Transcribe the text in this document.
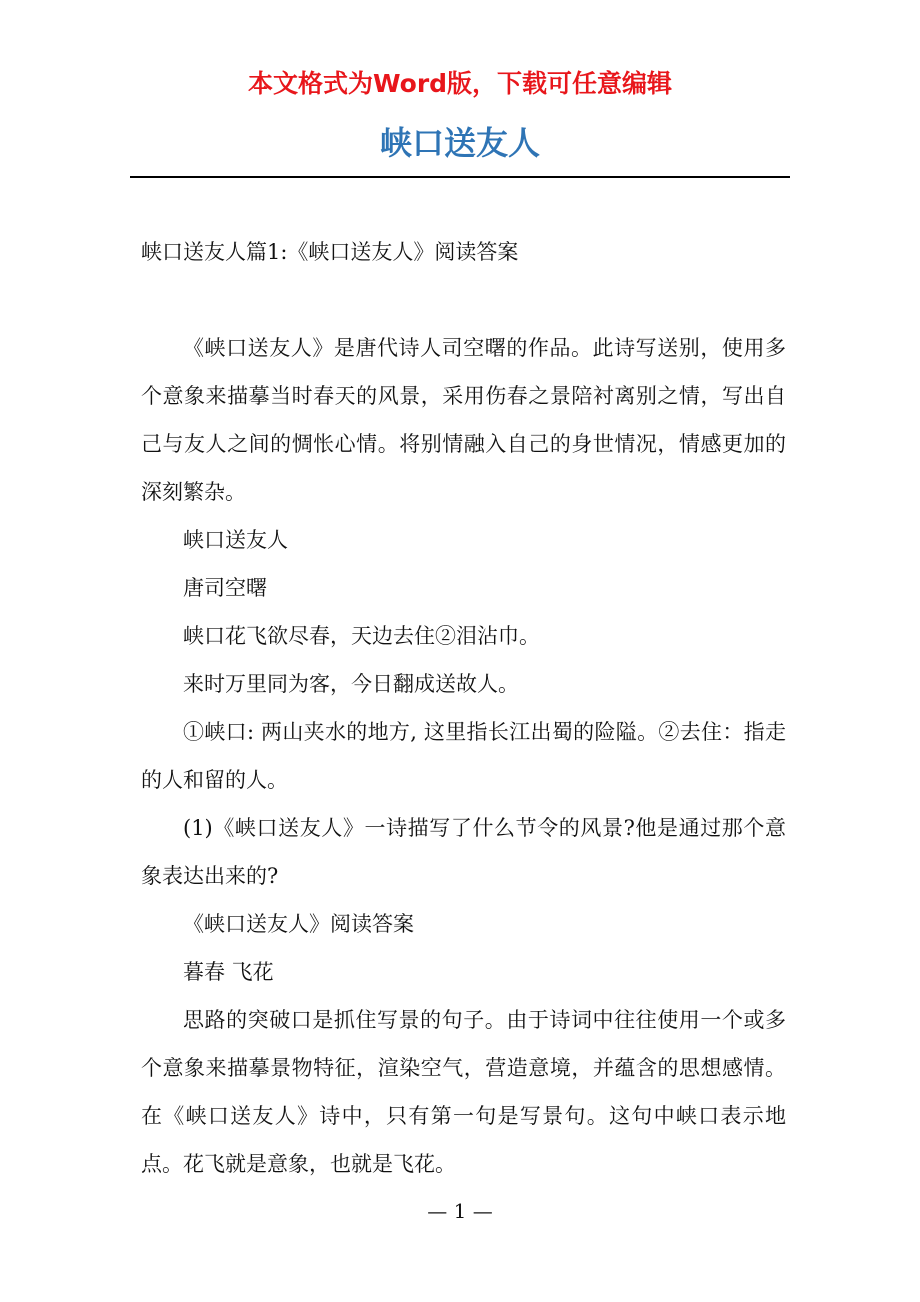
本文格式为Word版，下载可任意编辑
峡口送友人

峡口送友人篇1:《峡口送友人》阅读答案

《峡口送友人》是唐代诗人司空曙的作品。此诗写送别，使用多个意象来描摹当时春天的风景，采用伤春之景陪衬离别之情，写出自己与友人之间的惆怅心情。将别情融入自己的身世情况，情感更加的深刻繁杂。

峡口送友人

唐司空曙

峡口花飞欲尽春，天边去住②泪沾巾。

来时万里同为客，今日翻成送故人。

①峡口: 两山夹水的地方, 这里指长江出蜀的险隘。②去住：指走的人和留的人。

(1)《峡口送友人》一诗描写了什么节令的风景?他是通过那个意象表达出来的?

《峡口送友人》阅读答案

暮春 飞花

思路的突破口是抓住写景的句子。由于诗词中往往使用一个或多个意象来描摹景物特征，渲染空气，营造意境，并蕴含的思想感情。在《峡口送友人》诗中，只有第一句是写景句。这句中峡口表示地点。花飞就是意象，也就是飞花。

— 1 —
